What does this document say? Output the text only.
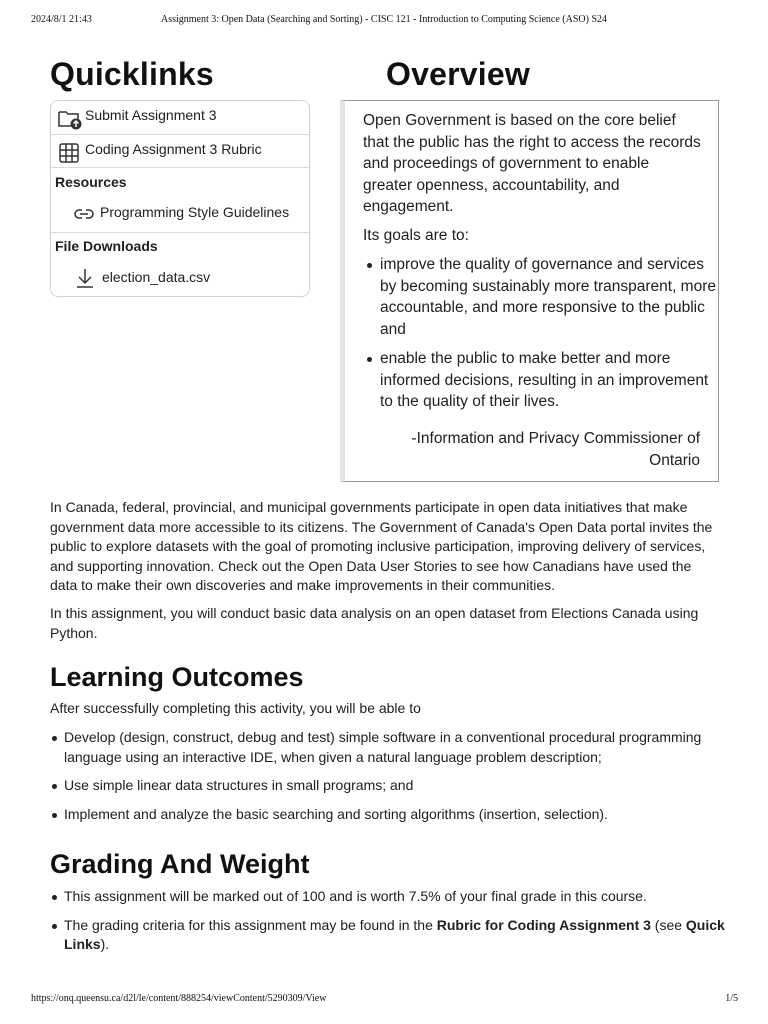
2024/8/1 21:43	Assignment 3: Open Data (Searching and Sorting) - CISC 121 - Introduction to Computing Science (ASO) S24
Quicklinks	Overview
Submit Assignment 3
Coding Assignment 3 Rubric
Resources
Programming Style Guidelines
File Downloads
election_data.csv

Open Government is based on the core belief that the public has the right to access the records and proceedings of government to enable greater openness, accountability, and engagement.

Its goals are to:

improve the quality of governance and services by becoming sustainably more transparent, more accountable, and more responsive to the public and
enable the public to make better and more informed decisions, resulting in an improvement to the quality of their lives.
-Information and Privacy Commissioner of Ontario

In Canada, federal, provincial, and municipal governments participate in open data initiatives that make government data more accessible to its citizens. The Government of Canada's Open Data portal invites the public to explore datasets with the goal of promoting inclusive participation, improving delivery of services, and supporting innovation. Check out the Open Data User Stories to see how Canadians have used the data to make their own discoveries and make improvements in their communities.

In this assignment, you will conduct basic data analysis on an open dataset from Elections Canada using Python.

Learning Outcomes

After successfully completing this activity, you will be able to

Develop (design, construct, debug and test) simple software in a conventional procedural programming language using an interactive IDE, when given a natural language problem description;
Use simple linear data structures in small programs; and
Implement and analyze the basic searching and sorting algorithms (insertion, selection).
Grading And Weight
This assignment will be marked out of 100 and is worth 7.5% of your final grade in this course.
The grading criteria for this assignment may be found in the Rubric for Coding Assignment 3 (see Quick Links).
https://onq.queensu.ca/d2l/le/content/888254/viewContent/5290309/View	1/5
